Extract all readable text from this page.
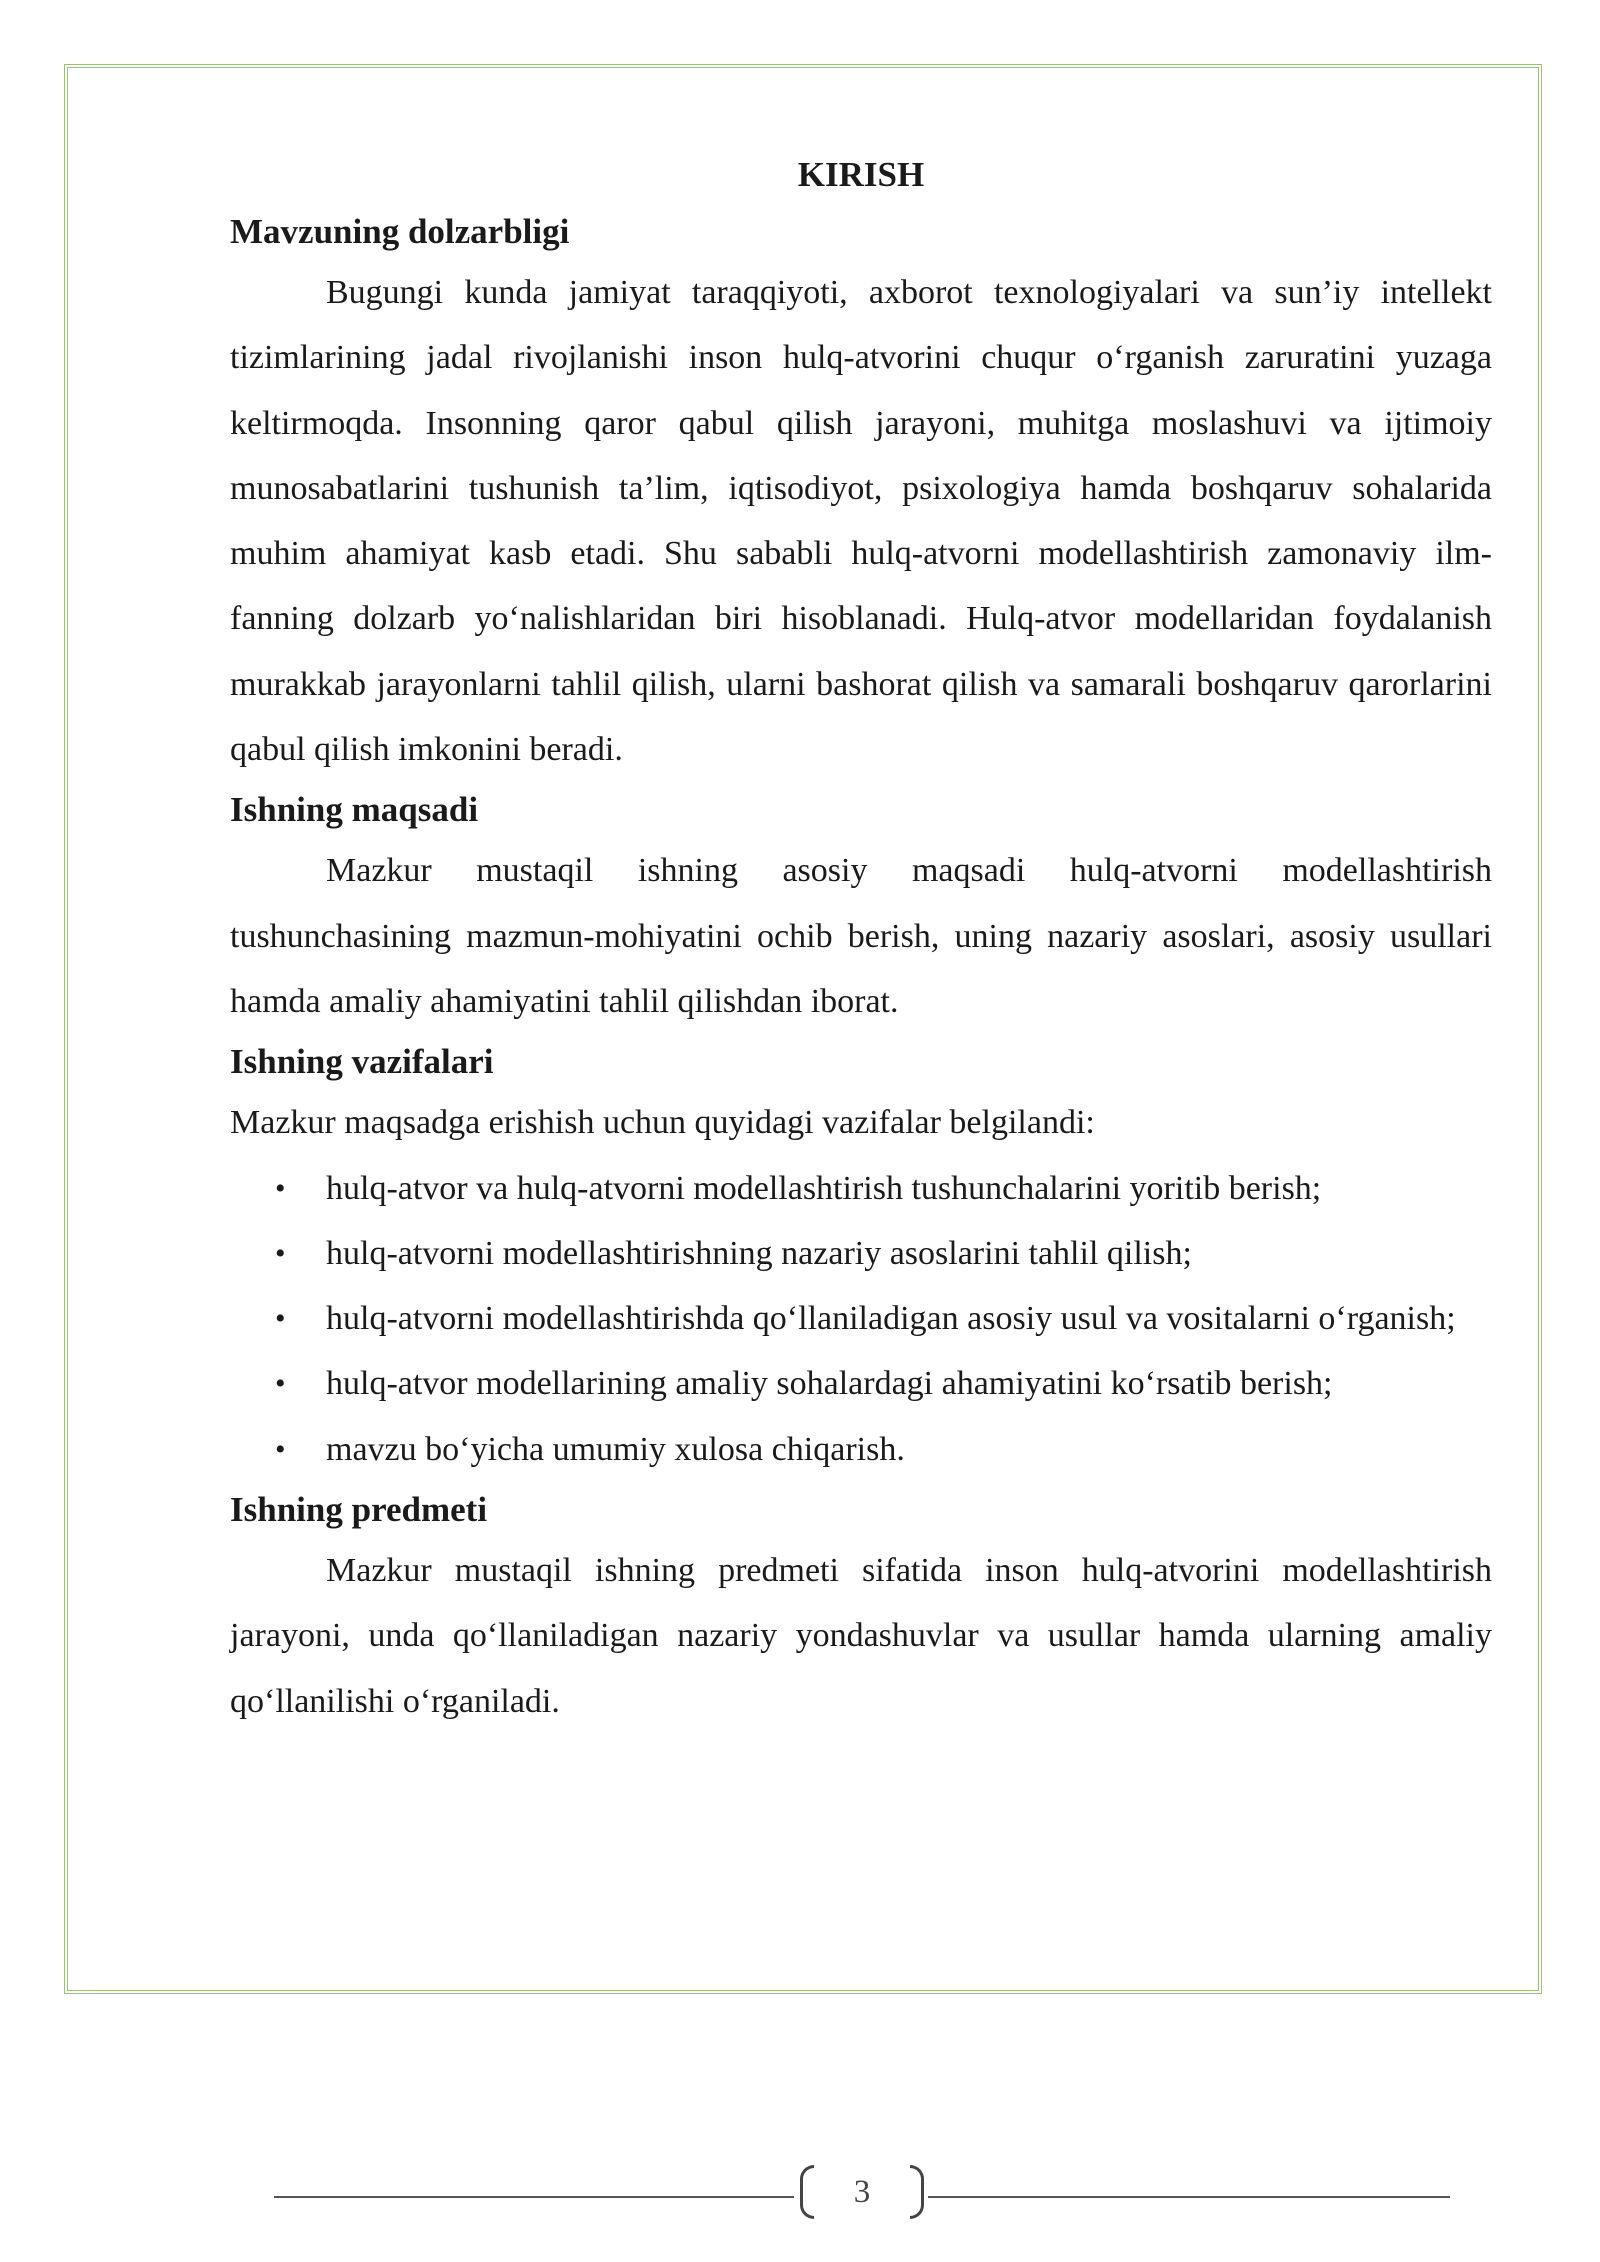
KIRISH
Mavzuning dolzarbligi

Bugungi kunda jamiyat taraqqiyoti, axborot texnologiyalari va sun’iy intellekt tizimlarining jadal rivojlanishi inson hulq-atvorini chuqur o‘rganish zaruratini yuzaga keltirmoqda. Insonning qaror qabul qilish jarayoni, muhitga moslashuvi va ijtimoiy munosabatlarini tushunish ta’lim, iqtisodiyot, psixologiya hamda boshqaruv sohalarida muhim ahamiyat kasb etadi. Shu sababli hulq-atvorni modellashtirish zamonaviy ilm-fanning dolzarb yo‘nalishlaridan biri hisoblanadi. Hulq-atvor modellaridan foydalanish murakkab jarayonlarni tahlil qilish, ularni bashorat qilish va samarali boshqaruv qarorlarini qabul qilish imkonini beradi.

Ishning maqsadi

Mazkur mustaqil ishning asosiy maqsadi hulq-atvorni modellashtirish tushunchasining mazmun-mohiyatini ochib berish, uning nazariy asoslari, asosiy usullari hamda amaliy ahamiyatini tahlil qilishdan iborat.

Ishning vazifalari

Mazkur maqsadga erishish uchun quyidagi vazifalar belgilandi:

• hulq-atvor va hulq-atvorni modellashtirish tushunchalarini yoritib berish;
• hulq-atvorni modellashtirishning nazariy asoslarini tahlil qilish;
• hulq-atvorni modellashtirishda qo‘llaniladigan asosiy usul va vositalarni o‘rganish;
• hulq-atvor modellarining amaliy sohalardagi ahamiyatini ko‘rsatib berish;
• mavzu bo‘yicha umumiy xulosa chiqarish.
Ishning predmeti

Mazkur mustaqil ishning predmeti sifatida inson hulq-atvorini modellashtirish jarayoni, unda qo‘llaniladigan nazariy yondashuvlar va usullar hamda ularning amaliy qo‘llanilishi o‘rganiladi.

3
